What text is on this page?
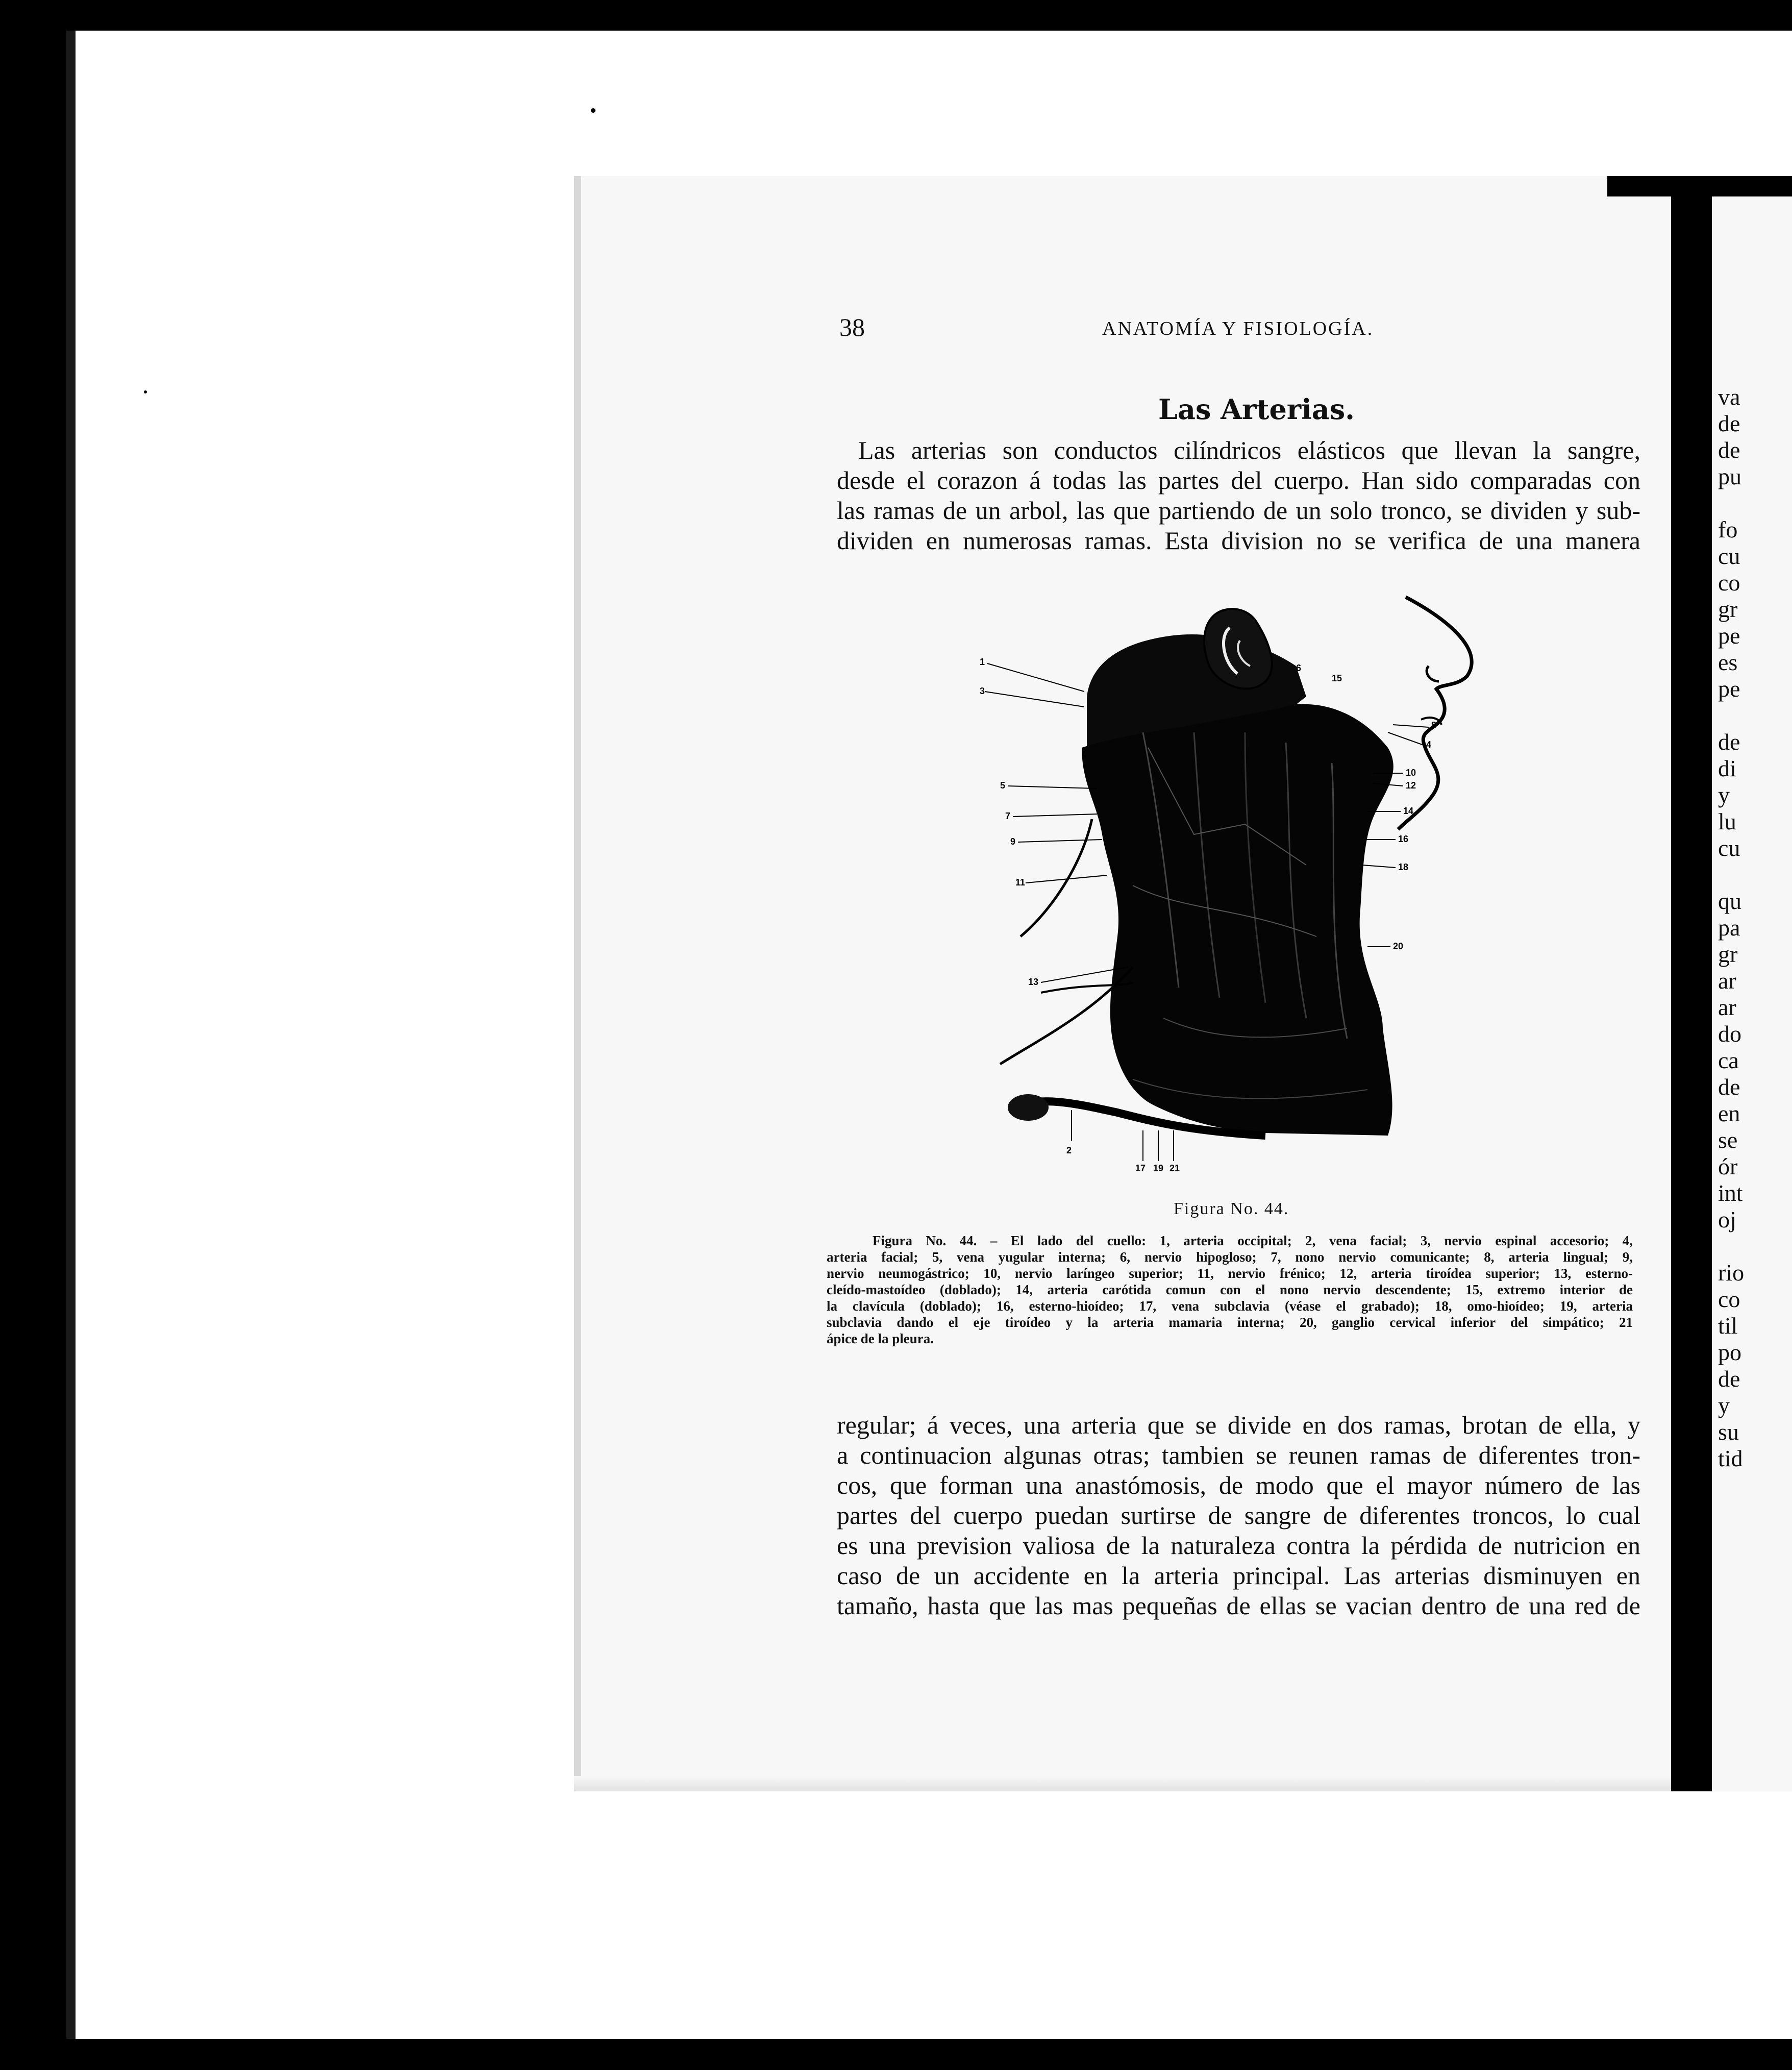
va
de
de
pu
fo
cu
co
gr
pe
es
pe
de
di
y
lu
cu
qu
pa
gr
ar
ar
do
ca
de
en
se
ór
int
oj
rio
co
til
po
de
y
su
tid
38	ANATOMÍA Y FISIOLOGÍA.
Las Arterias.
Las arterias son conductos cilíndricos elásticos que llevan la sangre,
desde el corazon á todas las partes del cuerpo. Han sido comparadas con
las ramas de un arbol, las que partiendo de un solo tronco, se dividen y sub-
dividen en numerosas ramas. Esta division no se verifica de una manera
1
3
5
7
9
11
13
8
4
10
12
14
16
18
20
2
17 19 21
6
15
Figura No. 44.
Figura No. 44. – El lado del cuello: 1, arteria occipital; 2, vena facial; 3, nervio espinal accesorio; 4,
arteria facial; 5, vena yugular interna; 6, nervio hipogloso; 7, nono nervio comunicante; 8, arteria lingual; 9,
nervio neumogástrico; 10, nervio laríngeo superior; 11, nervio frénico; 12, arteria tiroídea superior; 13, esterno-
cleído-mastoídeo (doblado); 14, arteria carótida comun con el nono nervio descendente; 15, extremo interior de
la clavícula (doblado); 16, esterno-hioídeo; 17, vena subclavia (véase el grabado); 18, omo-hioídeo; 19, arteria
subclavia dando el eje tiroídeo y la arteria mamaria interna; 20, ganglio cervical inferior del simpático; 21
ápice de la pleura.
regular; á veces, una arteria que se divide en dos ramas, brotan de ella, y
a continuacion algunas otras; tambien se reunen ramas de diferentes tron-
cos, que forman una anastómosis, de modo que el mayor número de las
partes del cuerpo puedan surtirse de sangre de diferentes troncos, lo cual
es una prevision valiosa de la naturaleza contra la pérdida de nutricion en
caso de un accidente en la arteria principal. Las arterias disminuyen en
tamaño, hasta que las mas pequeñas de ellas se vacian dentro de una red de
